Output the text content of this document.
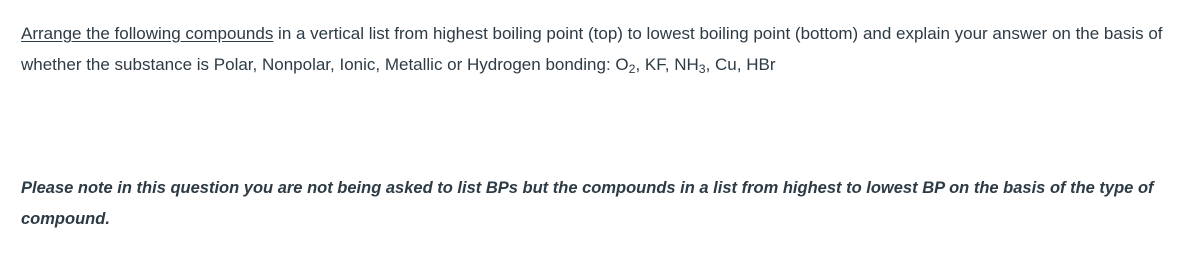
Arrange the following compounds in a vertical list from highest boiling point (top) to lowest boiling point (bottom) and explain your answer on the basis of whether the substance is Polar, Nonpolar, Ionic, Metallic or Hydrogen bonding: $O_2$, KF, $NH_3$, Cu, HBr

Please note in this question you are not being asked to list BPs but the compounds in a list from highest to lowest BP on the basis of the type of compound.
